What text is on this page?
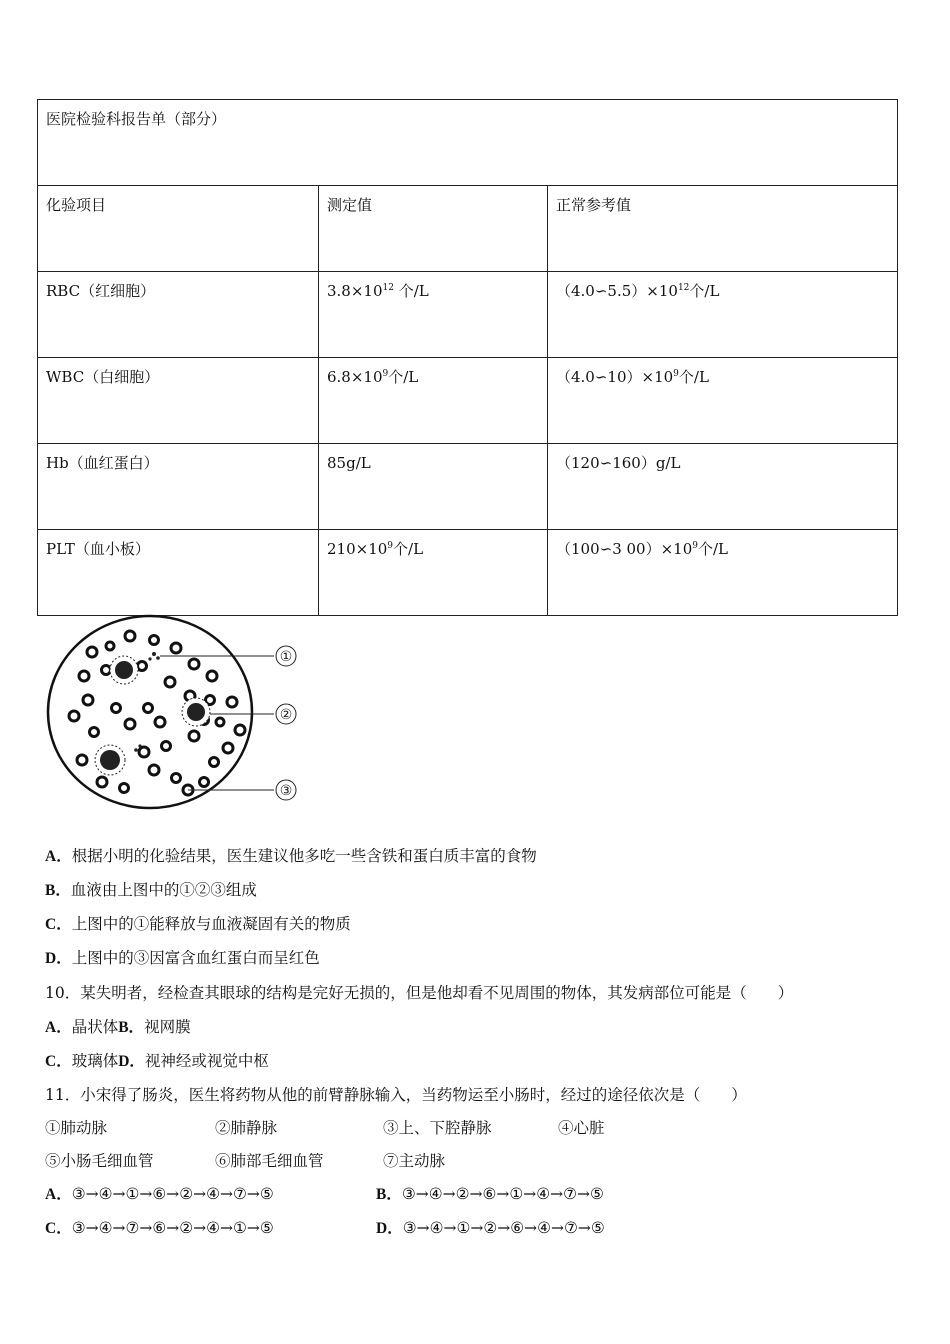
医院检验科报告单（部分）		
化验项目	测定值	正常参考值
RBC（红细胞）	$3.8\times 10^{12}$ 个/L	$(4.0∽5.5)\times 10^{12}$个/L
WBC（白细胞）	$6.8\times 10^9$个/L	$(4.0∽10)\times 10^9$个/L
Hb（血红蛋白）	85g/L	（120∽160）g/L
PLT（血小板）	$210\times 10^9$个/L	（100∽3 $00)\times 10^9$个/L
①
②
③
A．根据小明的化验结果，医生建议他多吃一些含铁和蛋白质丰富的食物
B．血液由上图中的①②③组成
C．上图中的①能释放与血液凝固有关的物质
D．上图中的③因富含血红蛋白而呈红色
10．某失明者，经检查其眼球的结构是完好无损的，但是他却看不见周围的物体，其发病部位可能是（　　）
A．晶状体B．视网膜
C．玻璃体D．视神经或视觉中枢
11．小宋得了肠炎，医生将药物从他的前臂静脉输入，当药物运至小肠时，经过的途径依次是（　　）
①肺动脉	②肺静脉	③上、下腔静脉	④心脏
⑤小肠毛细血管	⑥肺部毛细血管	⑦主动脉
A．③→④→①→⑥→②→④→⑦→⑤	B．③→④→②→⑥→①→④→⑦→⑤
C．③→④→⑦→⑥→②→④→①→⑤	D．③→④→①→②→⑥→④→⑦→⑤
